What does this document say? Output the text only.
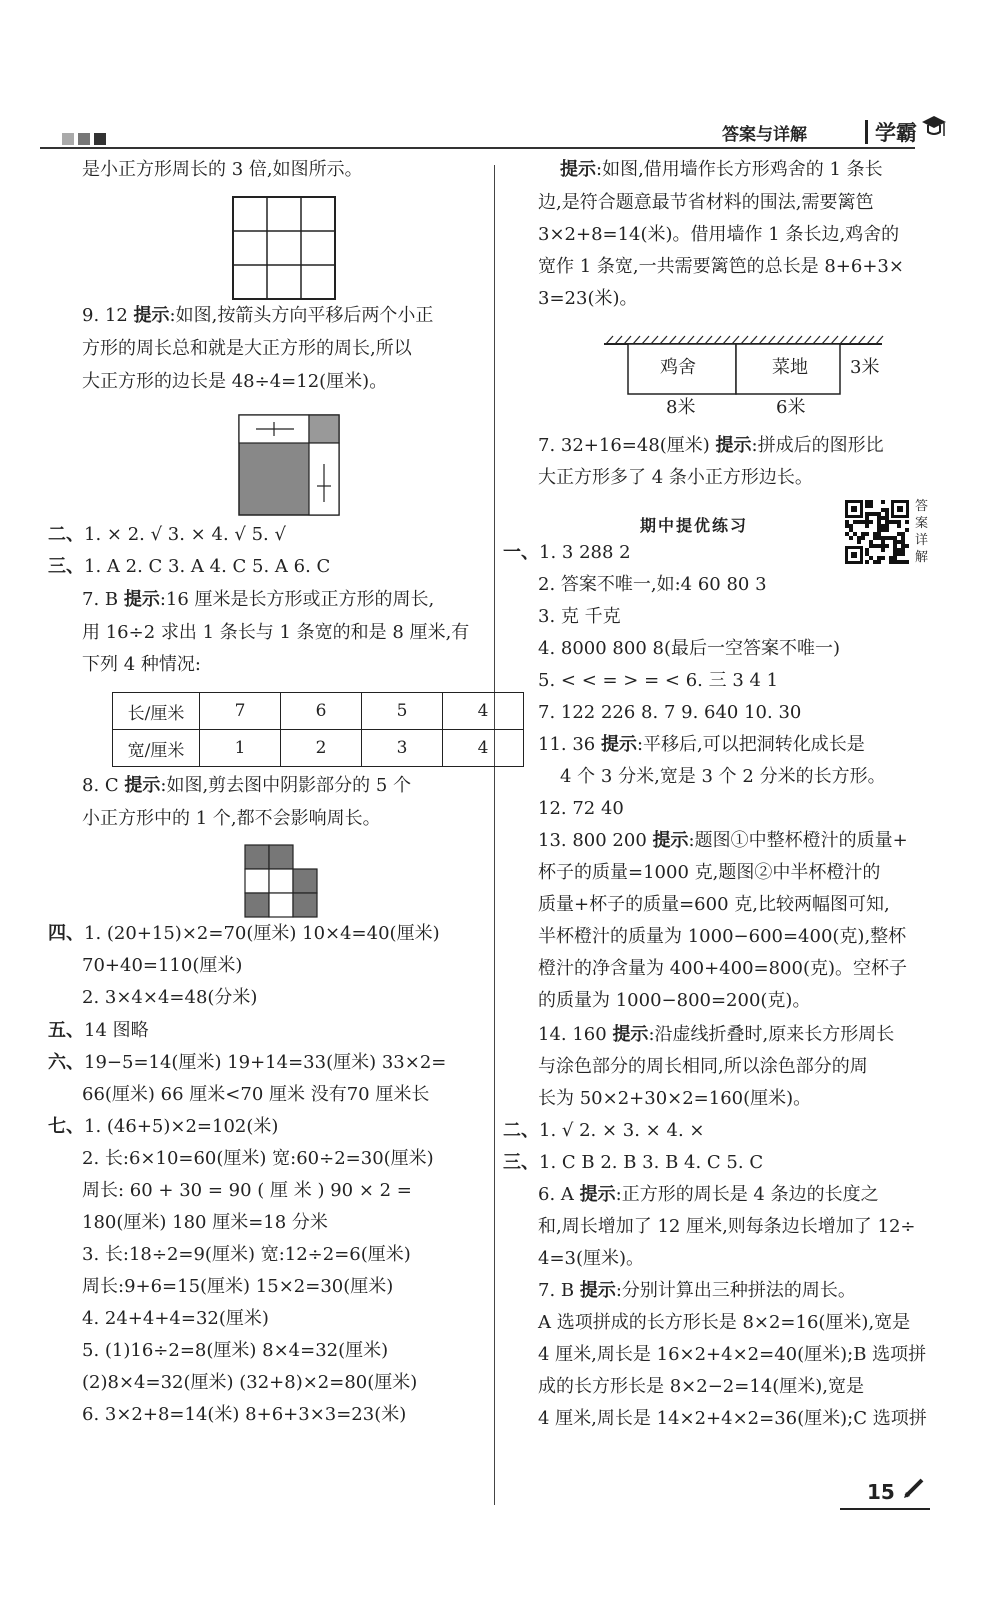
答案与详解	学霸
是小正方形周长的 3 倍,如图所示。
9. 12 提示:如图,按箭头方向平移后两个小正
方形的周长总和就是大正方形的周长,所以
大正方形的边长是 48÷4=12(厘米)。
二、1. × 2. √ 3. × 4. √ 5. √
三、1. A 2. C 3. A 4. C 5. A 6. C
7. B 提示:16 厘米是长方形或正方形的周长,
用 16÷2 求出 1 条长与 1 条宽的和是 8 厘米,有
下列 4 种情况:
8. C 提示:如图,剪去图中阴影部分的 5 个
小正方形中的 1 个,都不会影响周长。
四、1. (20+15)×2=70(厘米) 10×4=40(厘米)
70+40=110(厘米)
2. 3×4×4=48(分米)
五、14 图略
六、19−5=14(厘米) 19+14=33(厘米) 33×2=
66(厘米) 66 厘米<70 厘米 没有70 厘米长
七、1. (46+5)×2=102(米)
2. 长:6×10=60(厘米) 宽:60÷2=30(厘米)
周长: 60 + 30 = 90 ( 厘 米 ) 90 × 2 =
180(厘米) 180 厘米=18 分米
3. 长:18÷2=9(厘米) 宽:12÷2=6(厘米)
周长:9+6=15(厘米) 15×2=30(厘米)
4. 24+4+4=32(厘米)
5. (1)16÷2=8(厘米) 8×4=32(厘米)
(2)8×4=32(厘米) (32+8)×2=80(厘米)
6. 3×2+8=14(米) 8+6+3×3=23(米)
提示:如图,借用墙作长方形鸡舍的 1 条长
边,是符合题意最节省材料的围法,需要篱笆
3×2+8=14(米)。借用墙作 1 条长边,鸡舍的
宽作 1 条宽,一共需要篱笆的总长是 8+6+3×
3=23(米)。
7. 32+16=48(厘米) 提示:拼成后的图形比
大正方形多了 4 条小正方形边长。
一、1. 3 288 2
2. 答案不唯一,如:4 60 80 3
3. 克 千克
4. 8000 800 8(最后一空答案不唯一)
5. < < = > = < 6. 三 3 4 1
7. 122 226 8. 7 9. 640 10. 30
11. 36 提示:平移后,可以把洞转化成长是
4 个 3 分米,宽是 3 个 2 分米的长方形。
12. 72 40
13. 800 200 提示:题图①中整杯橙汁的质量+
杯子的质量=1000 克,题图②中半杯橙汁的
质量+杯子的质量=600 克,比较两幅图可知,
半杯橙汁的质量为 1000−600=400(克),整杯
橙汁的净含量为 400+400=800(克)。空杯子
的质量为 1000−800=200(克)。
14. 160 提示:沿虚线折叠时,原来长方形周长
与涂色部分的周长相同,所以涂色部分的周
长为 50×2+30×2=160(厘米)。
二、1. √ 2. × 3. × 4. ×
三、1. C B 2. B 3. B 4. C 5. C
6. A 提示:正方形的周长是 4 条边的长度之
和,周长增加了 12 厘米,则每条边长增加了 12÷
4=3(厘米)。
7. B 提示:分别计算出三种拼法的周长。
A 选项拼成的长方形长是 8×2=16(厘米),宽是
4 厘米,周长是 16×2+4×2=40(厘米);B 选项拼
成的长方形长是 8×2−2=14(厘米),宽是
4 厘米,周长是 14×2+4×2=36(厘米);C 选项拼
长/厘米	7	6	5	4
宽/厘米	1	2	3	4
鸡舍	菜地 3米
8米	6米
期中提优练习
答案详解
15
